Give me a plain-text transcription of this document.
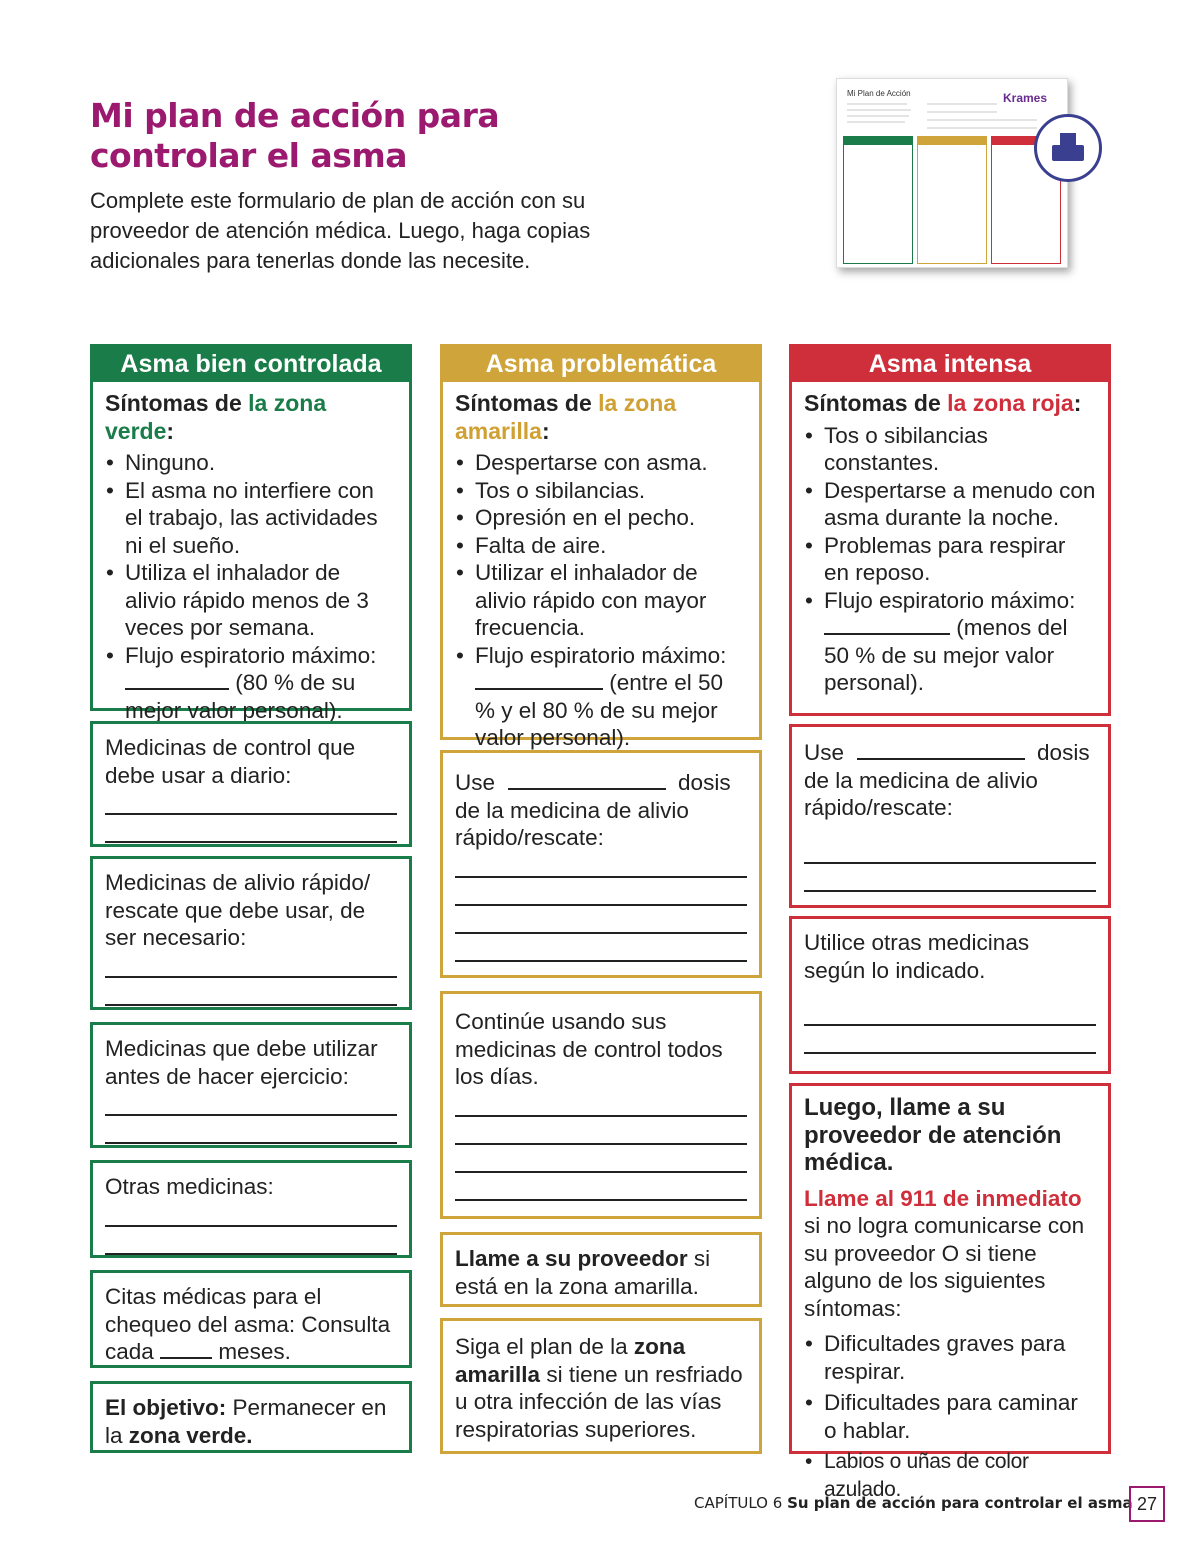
Mi plan de acción para
controlar el asma
Complete este formulario de plan de acción con su proveedor de atención médica. Luego, haga copias adicionales para tenerlas donde las necesite.
Mi Plan de Acción	Krames
Asma bien controlada
Síntomas de la zona verde:
• Ninguno.
• El asma no interfiere con el trabajo, las actividades ni el sueño.
• Utiliza el inhalador de alivio rápido menos de 3 veces por semana.
• Flujo espiratorio máximo:
(80 % de su mejor valor personal).
Medicinas de control que debe usar a diario:
Medicinas de alivio rápido/ rescate que debe usar, de ser necesario:
Medicinas que debe utilizar antes de hacer ejercicio:
Otras medicinas:
Citas médicas para el chequeo del asma: Consulta cada	meses.
El objetivo: Permanecer en la zona verde.
Asma problemática
Síntomas de la zona amarilla:
• Despertarse con asma.
• Tos o sibilancias.
• Opresión en el pecho.
• Falta de aire.
• Utilizar el inhalador de alivio rápido con mayor frecuencia.
• Flujo espiratorio máximo:
(entre el 50 % y el 80 % de su mejor valor personal).
Use	dosis
de la medicina de alivio rápido/rescate:
Continúe usando sus medicinas de control todos los días.
Llame a su proveedor si está en la zona amarilla.
Siga el plan de la zona amarilla si tiene un resfriado u otra infección de las vías respiratorias superiores.
Asma intensa
Síntomas de la zona roja:
• Tos o sibilancias constantes.
• Despertarse a menudo con asma durante la noche.
• Problemas para respirar en reposo.
• Flujo espiratorio máximo:
(menos del 50 % de su mejor valor personal).
Use	dosis
de la medicina de alivio rápido/rescate:
Utilice otras medicinas según lo indicado.
Luego, llame a su proveedor de atención médica.
Llame al 911 de inmediato si no logra comunicarse con su proveedor O si tiene alguno de los siguientes síntomas:
• Dificultades graves para respirar.
• Dificultades para caminar o hablar.
• Labios o uñas de color azulado.
CAPÍTULO 6 Su plan de acción para controlar el asma 27
